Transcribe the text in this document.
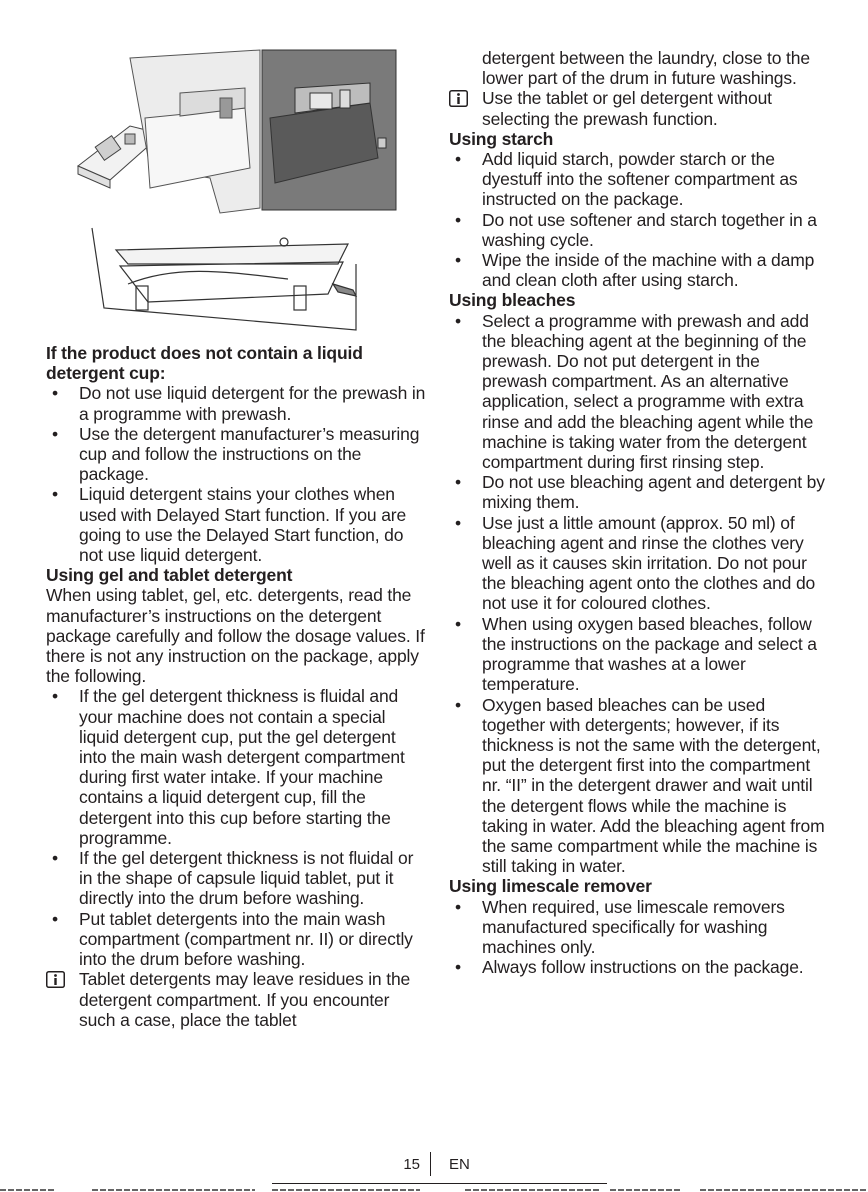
If the product does not contain a liquid detergent cup:
• Do not use liquid detergent for the prewash in a programme with prewash.
• Use the detergent manufacturer’s measuring cup and follow the instructions on the package.
• Liquid detergent stains your clothes when used with Delayed Start function. If you are going to use the Delayed Start function, do not use liquid detergent.
Using gel and tablet detergent

When using tablet, gel, etc. detergents, read the manufacturer’s instructions on the detergent package carefully and follow the dosage values. If there is not any instruction on the package, apply the following.

• If the gel detergent thickness is fluidal and your machine does not contain a special liquid detergent cup, put the gel detergent into the main wash detergent compartment during first water intake. If your machine contains a liquid detergent cup, fill the detergent into this cup before starting the programme.
• If the gel detergent thickness is not fluidal or in the shape of capsule liquid tablet, put it directly into the drum before washing.
• Put tablet detergents into the main wash compartment (compartment nr. II) or directly into the drum before washing.
Tablet detergents may leave residues in the detergent compartment. If you encounter such a case, place the tablet
detergent between the laundry, close to the lower part of the drum in future washings.
Use the tablet or gel detergent without selecting the prewash function.
Using starch
• Add liquid starch, powder starch or the dyestuff into the softener compartment as instructed on the package.
• Do not use softener and starch together in a washing cycle.
• Wipe the inside of the machine with a damp and clean cloth after using starch.
Using bleaches
• Select a programme with prewash and add the bleaching agent at the beginning of the prewash. Do not put detergent in the prewash compartment. As an alternative application, select a programme with extra rinse and add the bleaching agent while the machine is taking water from the detergent compartment during first rinsing step.
• Do not use bleaching agent and detergent by mixing them.
• Use just a little amount (approx. 50 ml) of bleaching agent and rinse the clothes very well as it causes skin irritation. Do not pour the bleaching agent onto the clothes and do not use it for coloured clothes.
• When using oxygen based bleaches, follow the instructions on the package and select a programme that washes at a lower temperature.
• Oxygen based bleaches can be used together with detergents; however, if its thickness is not the same with the detergent, put the detergent first into the compartment nr. “II” in the detergent drawer and wait until the detergent flows while the machine is taking in water. Add the bleaching agent from the same compartment while the machine is still taking in water.
Using limescale remover
• When required, use limescale removers manufactured specifically for washing machines only.
• Always follow instructions on the package.
15 EN
